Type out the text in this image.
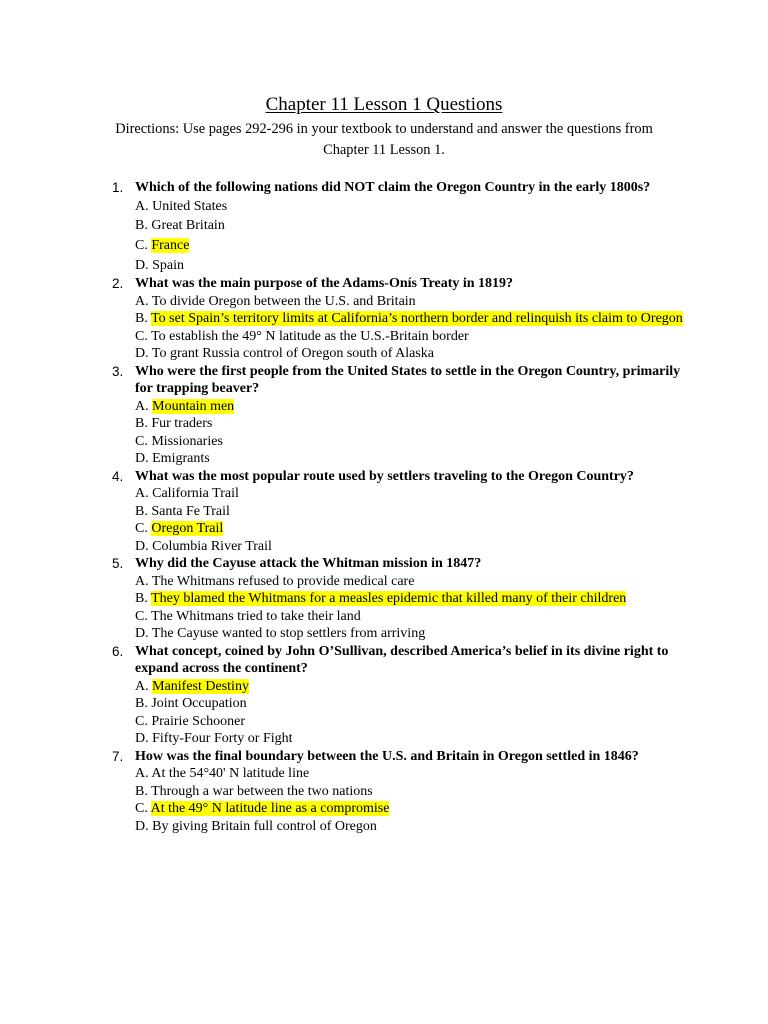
Chapter 11 Lesson 1 Questions
Directions: Use pages 292-296 in your textbook to understand and answer the questions from Chapter 11 Lesson 1.
1. Which of the following nations did NOT claim the Oregon Country in the early 1800s?
A. United States
B. Great Britain
C. France
D. Spain
2. What was the main purpose of the Adams-Onís Treaty in 1819?
A. To divide Oregon between the U.S. and Britain
B. To set Spain’s territory limits at California’s northern border and relinquish its claim to Oregon
C. To establish the 49° N latitude as the U.S.-Britain border
D. To grant Russia control of Oregon south of Alaska
3. Who were the first people from the United States to settle in the Oregon Country, primarily for trapping beaver?
A. Mountain men
B. Fur traders
C. Missionaries
D. Emigrants
4. What was the most popular route used by settlers traveling to the Oregon Country?
A. California Trail
B. Santa Fe Trail
C. Oregon Trail
D. Columbia River Trail
5. Why did the Cayuse attack the Whitman mission in 1847?
A. The Whitmans refused to provide medical care
B. They blamed the Whitmans for a measles epidemic that killed many of their children
C. The Whitmans tried to take their land
D. The Cayuse wanted to stop settlers from arriving
6. What concept, coined by John O’Sullivan, described America’s belief in its divine right to expand across the continent?
A. Manifest Destiny
B. Joint Occupation
C. Prairie Schooner
D. Fifty-Four Forty or Fight
7. How was the final boundary between the U.S. and Britain in Oregon settled in 1846?
A. At the 54°40' N latitude line
B. Through a war between the two nations
C. At the 49° N latitude line as a compromise
D. By giving Britain full control of Oregon
